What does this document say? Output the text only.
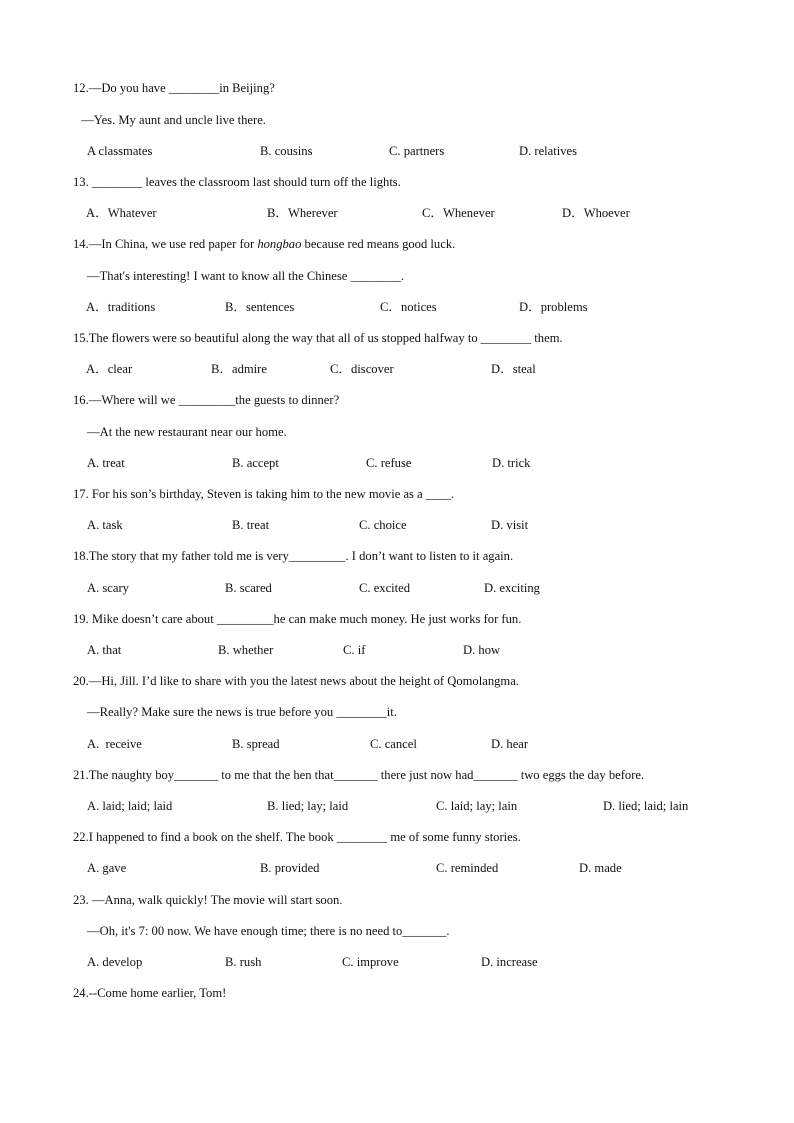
12.—Do you have ________in Beijing?
—Yes. My aunt and uncle live there.
A classmates	B. cousins	C. partners	D. relatives
13. ________ leaves the classroom last should turn off the lights.
A．Whatever	B．Wherever	C．Whenever	D．Whoever
14.—In China, we use red paper for hongbao because red means good luck.
—That's interesting! I want to know all the Chinese ________.
A．traditions	B．sentences	C．notices	D．problems
15.The flowers were so beautiful along the way that all of us stopped halfway to ________ them.
A．clear	B．admire	C．discover	D．steal
16.—Where will we _________the guests to dinner?
—At the new restaurant near our home.
A. treat	B. accept	C. refuse	D. trick
17. For his son’s birthday, Steven is taking him to the new movie as a ____.
A. task	B. treat	C. choice	D. visit
18.The story that my father told me is very_________. I don’t want to listen to it again.
A. scary	B. scared	C. excited	D. exciting
19. Mike doesn’t care about _________he can make much money. He just works for fun.
A. that	B. whether	C. if	D. how
20.—Hi, Jill. I’d like to share with you the latest news about the height of Qomolangma.
—Really? Make sure the news is true before you ________it.
A.  receive	B. spread	C. cancel	D. hear
21.The naughty boy_______ to me that the hen that_______ there just now had_______ two eggs the day before.
A. laid; laid; laid	B. lied; lay; laid	C. laid; lay; lain	D. lied; laid; lain
22.I happened to find a book on the shelf. The book ________ me of some funny stories.
A. gave	B. provided	C. reminded	D. made
23. —Anna, walk quickly! The movie will start soon.
—Oh, it's 7: 00 now. We have enough time; there is no need to_______.
A. develop	B. rush	C. improve	D. increase
24.--Come home earlier, Tom!
